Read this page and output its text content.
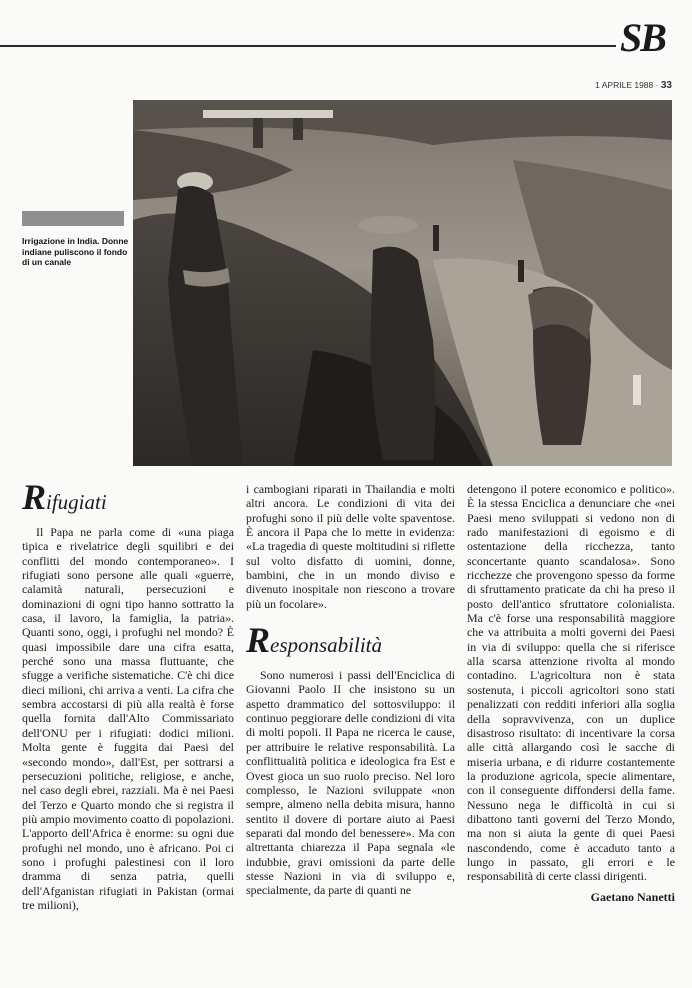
SB
1 APRILE 1988 · 33
Irrigazione in India. Donne indiane puliscono il fondo di un canale
Rifugiati

Il Papa ne parla come di «una piaga tipica e rivelatrice degli squilibri e dei conflitti del mondo contemporaneo». I rifugiati sono persone alle quali «guerre, calamità naturali, persecuzioni e dominazioni di ogni tipo hanno sottratto la casa, il lavoro, la famiglia, la patria». Quanti sono, oggi, i profughi nel mondo? È quasi impossibile dare una cifra esatta, perché sono una massa fluttuante, che sfugge a verifiche sistematiche. C'è chi dice dieci milioni, chi arriva a venti. La cifra che sembra accostarsi di più alla realtà è forse quella fornita dall'Alto Commissariato dell'ONU per i rifugiati: dodici milioni. Molta gente è fuggita dai Paesi del «secondo mondo», dall'Est, per sottrarsi a persecuzioni politiche, religiose, e anche, nel caso degli ebrei, razziali. Ma è nei Paesi del Terzo e Quarto mondo che si registra il più ampio movimento coatto di popolazioni. L'apporto dell'Africa è enorme: su ogni due profughi nel mondo, uno è africano. Poi ci sono i profughi palestinesi con il loro dramma di senza patria, quelli dell'Afganistan rifugiati in Pakistan (ormai tre milioni),

i cambogiani riparati in Thailandia e molti altri ancora. Le condizioni di vita dei profughi sono il più delle volte spaventose. È ancora il Papa che lo mette in evidenza: «La tragedia di queste moltitudini si riflette sul volto disfatto di uomini, donne, bambini, che in un mondo diviso e divenuto inospitale non riescono a trovare più un focolare».

Responsabilità

Sono numerosi i passi dell'Enciclica di Giovanni Paolo II che insistono su un aspetto drammatico del sottosviluppo: il continuo peggiorare delle condizioni di vita di molti popoli. Il Papa ne ricerca le cause, per attribuire le relative responsabilità. La conflittualità politica e ideologica fra Est e Ovest gioca un suo ruolo preciso. Nel loro complesso, le Nazioni sviluppate «non sempre, almeno nella debita misura, hanno sentito il dovere di portare aiuto ai Paesi separati dal mondo del benessere». Ma con altrettanta chiarezza il Papa segnala «le indubbie, gravi omissioni da parte delle stesse Nazioni in via di sviluppo e, specialmente, da parte di quanti ne

detengono il potere economico e politico». È la stessa Enciclica a denunciare che «nei Paesi meno sviluppati si vedono non di rado manifestazioni di egoismo e di ostentazione della ricchezza, tanto sconcertante quanto scandalosa». Sono ricchezze che provengono spesso da forme di sfruttamento praticate da chi ha preso il posto dell'antico sfruttatore colonialista. Ma c'è forse una responsabilità maggiore che va attribuita a molti governi dei Paesi in via di sviluppo: quella che si riferisce alla scarsa attenzione rivolta al mondo contadino. L'agricoltura non è stata sostenuta, i piccoli agricoltori sono stati penalizzati con redditi inferiori alla soglia della sopravvivenza, con un duplice disastroso risultato: di incentivare la corsa alle città allargando così le sacche di miseria urbana, e di ridurre costantemente la produzione agricola, specie alimentare, con il conseguente diffondersi della fame. Nessuno nega le difficoltà in cui si dibattono tanti governi del Terzo Mondo, ma non si aiuta la gente di quei Paesi nascondendo, come è accaduto tanto a lungo in passato, gli errori e le responsabilità di certe classi dirigenti.

Gaetano Nanetti
